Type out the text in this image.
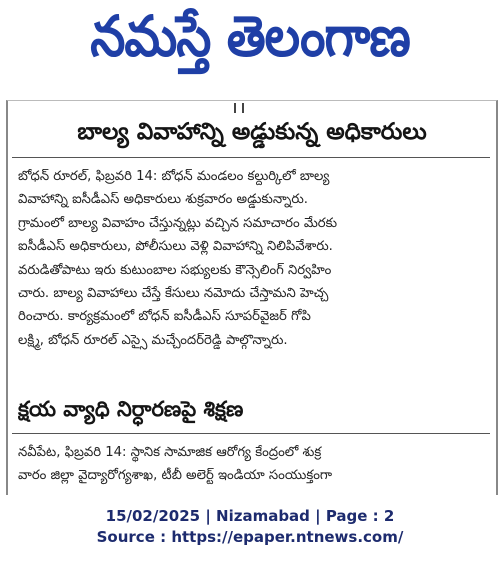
నమస్తే తెలంగాణ
బాల్య వివాహాన్ని అడ్డుకున్న అధికారులు
బోధన్ రూరల్, ఫిబ్రవరి 14: బోధన్ మండలం కల్దుర్కిలో బాల్య
వివాహాన్ని ఐసీడీఎస్ అధికారులు శుక్రవారం అడ్డుకున్నారు.
గ్రామంలో బాల్య వివాహం చేస్తున్నట్లు వచ్చిన సమాచారం మేరకు
ఐసీడీఎస్ అధికారులు, పోలీసులు వెళ్లి వివాహాన్ని నిలిపివేశారు.
వరుడితోపాటు ఇరు కుటుంబాల సభ్యులకు కౌన్సెలింగ్ నిర్వహిం
చారు. బాల్య వివాహాలు చేస్తే కేసులు నమోదు చేస్తామని హెచ్చ
రించారు. కార్యక్రమంలో బోధన్ ఐసీడీఎస్ సూపర్‌వైజర్ గోపి
లక్ష్మి, బోధన్ రూరల్ ఎస్సై మచ్చేందర్‌రెడ్డి పాల్గొన్నారు.
క్షయ వ్యాధి నిర్ధారణపై శిక్షణ
నవీపేట, ఫిబ్రవరి 14: స్థానిక సామాజిక ఆరోగ్య కేంద్రంలో శుక్ర
వారం జిల్లా వైద్యారోగ్యశాఖ, టీబీ అలెర్ట్ ఇండియా సంయుక్తంగా
15/02/2025 | Nizamabad | Page : 2
Source : https://epaper.ntnews.com/
